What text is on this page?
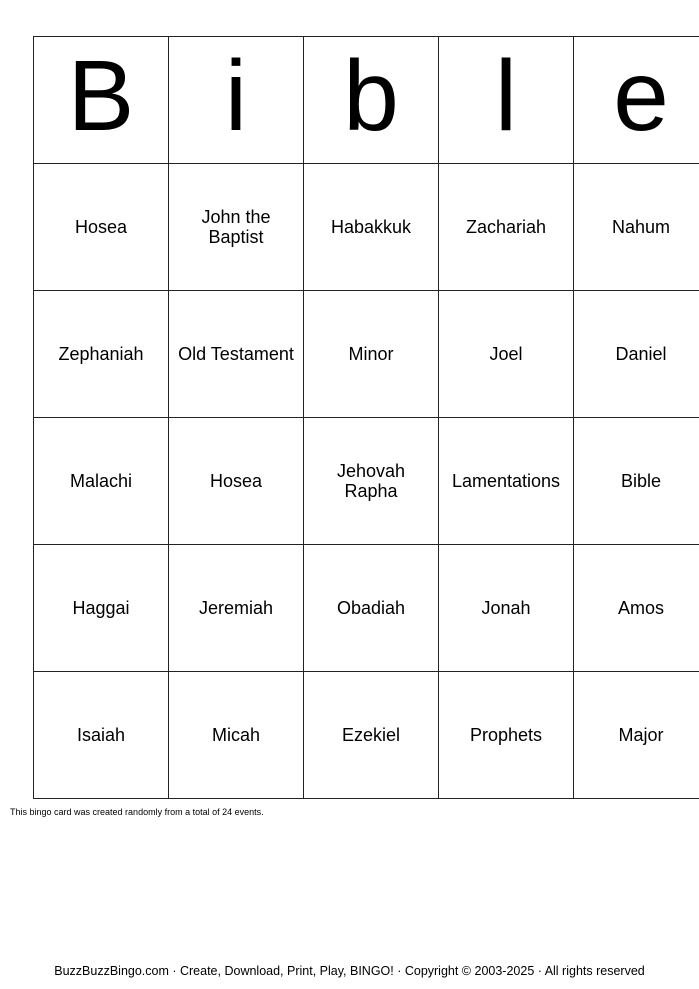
B	i	b	l	e
Hosea	John the Baptist	Habakkuk	Zachariah	Nahum
Zephaniah	Old Testament	Minor	Joel	Daniel
Malachi	Hosea	Jehovah Rapha	Lamentations	Bible
Haggai	Jeremiah	Obadiah	Jonah	Amos
Isaiah	Micah	Ezekiel	Prophets	Major
This bingo card was created randomly from a total of 24 events.
BuzzBuzzBingo.com · Create, Download, Print, Play, BINGO! · Copyright © 2003-2025 · All rights reserved
